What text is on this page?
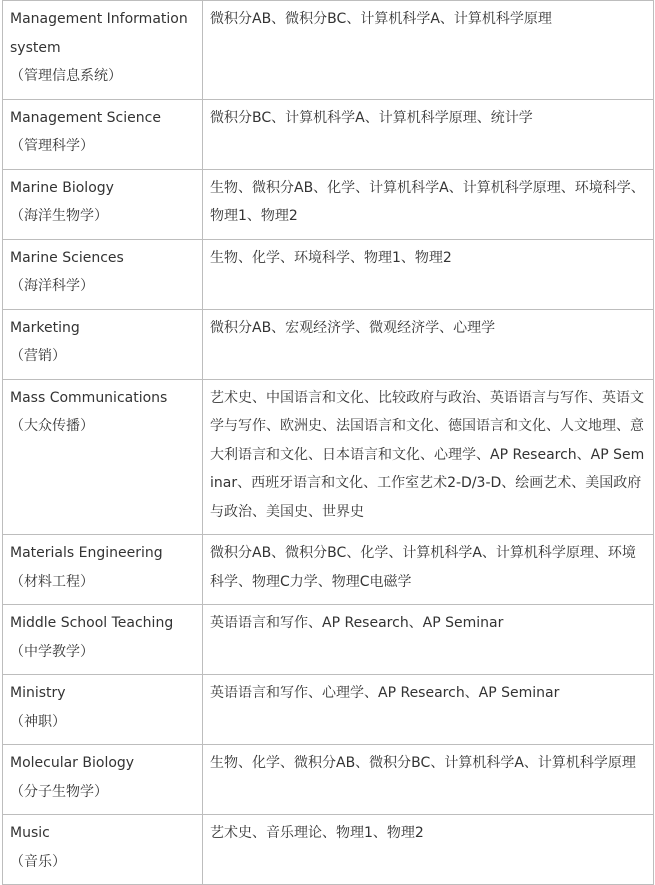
Management Information system
（管理信息系统）	微积分AB、微积分BC、计算机科学A、计算机科学原理

Management Science
（管理科学）	微积分BC、计算机科学A、计算机科学原理、统计学

Marine Biology
（海洋生物学）	生物、微积分AB、化学、计算机科学A、计算机科学原理、环境科学、物理1、物理2

Marine Sciences
（海洋科学）	生物、化学、环境科学、物理1、物理2

Marketing
（营销）	微积分AB、宏观经济学、微观经济学、心理学

Mass Communications
（大众传播）	艺术史、中国语言和文化、比较政府与政治、英语语言与写作、英语文学与写作、欧洲史、法国语言和文化、德国语言和文化、人文地理、意大利语言和文化、日本语言和文化、心理学、AP Research、AP Seminar、西班牙语言和文化、工作室艺术2-D/3-D、绘画艺术、美国政府与政治、美国史、世界史

Materials Engineering
（材料工程）	微积分AB、微积分BC、化学、计算机科学A、计算机科学原理、环境科学、物理C力学、物理C电磁学

Middle School Teaching
（中学教学）	英语语言和写作、AP Research、AP Seminar

Ministry
（神职）	英语语言和写作、心理学、AP Research、AP Seminar

Molecular Biology
（分子生物学）	生物、化学、微积分AB、微积分BC、计算机科学A、计算机科学原理

Music
（音乐）	艺术史、音乐理论、物理1、物理2
